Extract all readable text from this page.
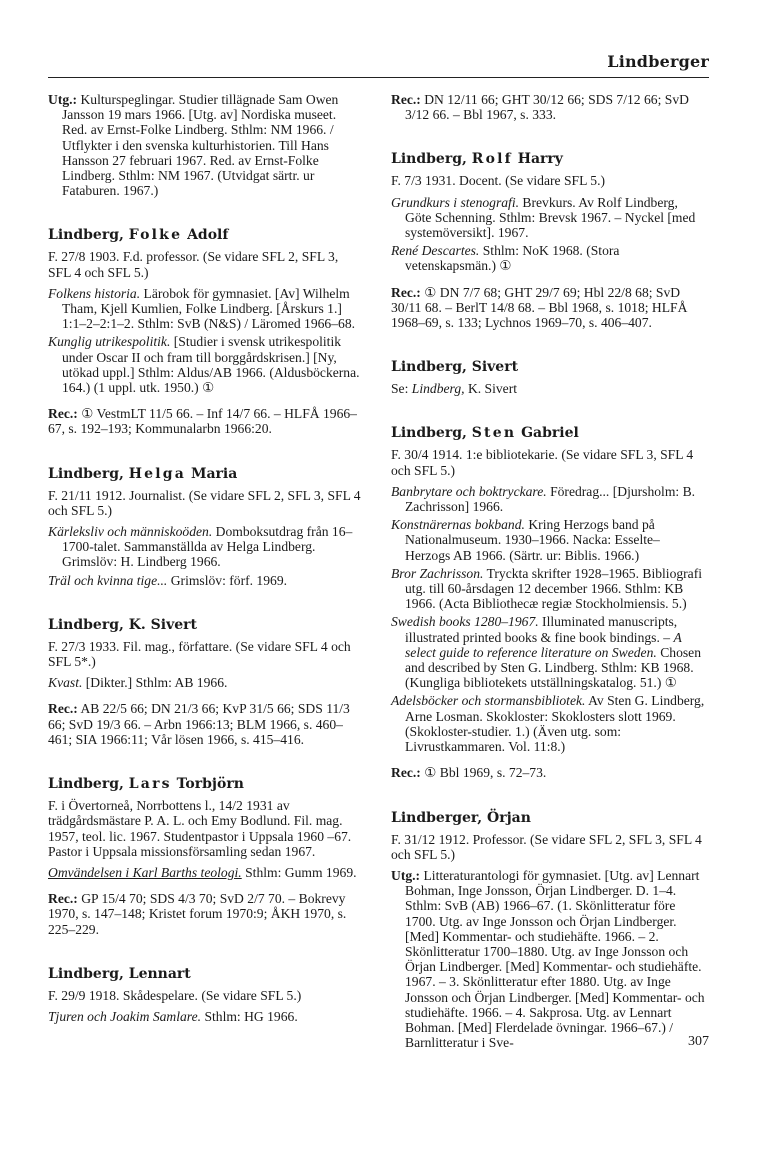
Lindberger

Utg.: Kulturspeglingar. Studier tillägnade Sam Owen Jansson 19 mars 1966. [Utg. av] Nordiska museet. Red. av Ernst-Folke Lindberg. Sthlm: NM 1966. / Utflykter i den svenska kulturhistorien. Till Hans Hansson 27 februari 1967. Red. av Ernst-Folke Lindberg. Sthlm: NM 1967. (Utvidgat särtr. ur Fataburen. 1967.)

Lindberg, Folke Adolf

F. 27/8 1903. F.d. professor. (Se vidare SFL 2, SFL 3, SFL 4 och SFL 5.)

Folkens historia. Lärobok för gymnasiet. [Av] Wilhelm Tham, Kjell Kumlien, Folke Lindberg. [Årskurs 1.] 1:1–2–2:1–2. Sthlm: SvB (N&S) / Läromed 1966–68.

Kunglig utrikespolitik. [Studier i svensk utrikespolitik under Oscar II och fram till borggårdskrisen.] [Ny, utökad uppl.] Sthlm: Aldus/AB 1966. (Aldusböckerna. 164.) (1 uppl. utk. 1950.) ①

Rec.: ① VestmLT 11/5 66. – Inf 14/7 66. – HLFÅ 1966–67, s. 192–193; Kommunalarbn 1966:20.

Lindberg, Helga Maria

F. 21/11 1912. Journalist. (Se vidare SFL 2, SFL 3, SFL 4 och SFL 5.)

Kärleksliv och människoöden. Domboksutdrag från 16–1700-talet. Sammanställda av Helga Lindberg. Grimslöv: H. Lindberg 1966.

Träl och kvinna tige... Grimslöv: förf. 1969.

Lindberg, K. Sivert

F. 27/3 1933. Fil. mag., författare. (Se vidare SFL 4 och SFL 5*.)

Kvast. [Dikter.] Sthlm: AB 1966.

Rec.: AB 22/5 66; DN 21/3 66; KvP 31/5 66; SDS 11/3 66; SvD 19/3 66. – Arbn 1966:13; BLM 1966, s. 460–461; SIA 1966:11; Vår lösen 1966, s. 415–416.

Lindberg, Lars Torbjörn

F. i Övertorneå, Norrbottens l., 14/2 1931 av trädgårdsmästare P. A. L. och Emy Bodlund. Fil. mag. 1957, teol. lic. 1967. Studentpastor i Uppsala 1960 –67. Pastor i Uppsala missionsförsamling sedan 1967.

Omvändelsen i Karl Barths teologi. Sthlm: Gumm 1969.

Rec.: GP 15/4 70; SDS 4/3 70; SvD 2/7 70. – Bokrevy 1970, s. 147–148; Kristet forum 1970:9; ÅKH 1970, s. 225–229.

Lindberg, Lennart

F. 29/9 1918. Skådespelare. (Se vidare SFL 5.)

Tjuren och Joakim Samlare. Sthlm: HG 1966.

Rec.: DN 12/11 66; GHT 30/12 66; SDS 7/12 66; SvD 3/12 66. – Bbl 1967, s. 333.

Lindberg, Rolf Harry

F. 7/3 1931. Docent. (Se vidare SFL 5.)

Grundkurs i stenografi. Brevkurs. Av Rolf Lindberg, Göte Schenning. Sthlm: Brevsk 1967. – Nyckel [med systemöversikt]. 1967.

René Descartes. Sthlm: NoK 1968. (Stora vetenskapsmän.) ①

Rec.: ① DN 7/7 68; GHT 29/7 69; Hbl 22/8 68; SvD 30/11 68. – BerlT 14/8 68. – Bbl 1968, s. 1018; HLFÅ 1968–69, s. 133; Lychnos 1969–70, s. 406–407.

Lindberg, Sivert

Se: Lindberg, K. Sivert

Lindberg, Sten Gabriel

F. 30/4 1914. 1:e bibliotekarie. (Se vidare SFL 3, SFL 4 och SFL 5.)

Banbrytare och boktryckare. Föredrag... [Djursholm: B. Zachrisson] 1966.

Konstnärernas bokband. Kring Herzogs band på Nationalmuseum. 1930–1966. Nacka: Esselte–Herzogs AB 1966. (Särtr. ur: Biblis. 1966.)

Bror Zachrisson. Tryckta skrifter 1928–1965. Bibliografi utg. till 60-årsdagen 12 december 1966. Sthlm: KB 1966. (Acta Bibliothecæ regiæ Stockholmiensis. 5.)

Swedish books 1280–1967. Illuminated manuscripts, illustrated printed books & fine book bindings. – A select guide to reference literature on Sweden. Chosen and described by Sten G. Lindberg. Sthlm: KB 1968. (Kungliga bibliotekets utställningskatalog. 51.) ①

Adelsböcker och stormansbibliotek. Av Sten G. Lindberg, Arne Losman. Skokloster: Skoklosters slott 1969. (Skokloster-studier. 1.) (Även utg. som: Livrustkammaren. Vol. 11:8.)

Rec.: ① Bbl 1969, s. 72–73.

Lindberger, Örjan

F. 31/12 1912. Professor. (Se vidare SFL 2, SFL 3, SFL 4 och SFL 5.)

Utg.: Litteraturantologi för gymnasiet. [Utg. av] Lennart Bohman, Inge Jonsson, Örjan Lindberger. D. 1–4. Sthlm: SvB (AB) 1966–67. (1. Skönlitteratur före 1700. Utg. av Inge Jonsson och Örjan Lindberger. [Med] Kommentar- och studiehäfte. 1966. – 2. Skönlitteratur 1700–1880. Utg. av Inge Jonsson och Örjan Lindberger. [Med] Kommentar- och studiehäfte. 1967. – 3. Skönlitteratur efter 1880. Utg. av Inge Jonsson och Örjan Lindberger. [Med] Kommentar- och studiehäfte. 1966. – 4. Sakprosa. Utg. av Lennart Bohman. [Med] Flerdelade övningar. 1966–67.) / Barnlitteratur i Sve-	307
